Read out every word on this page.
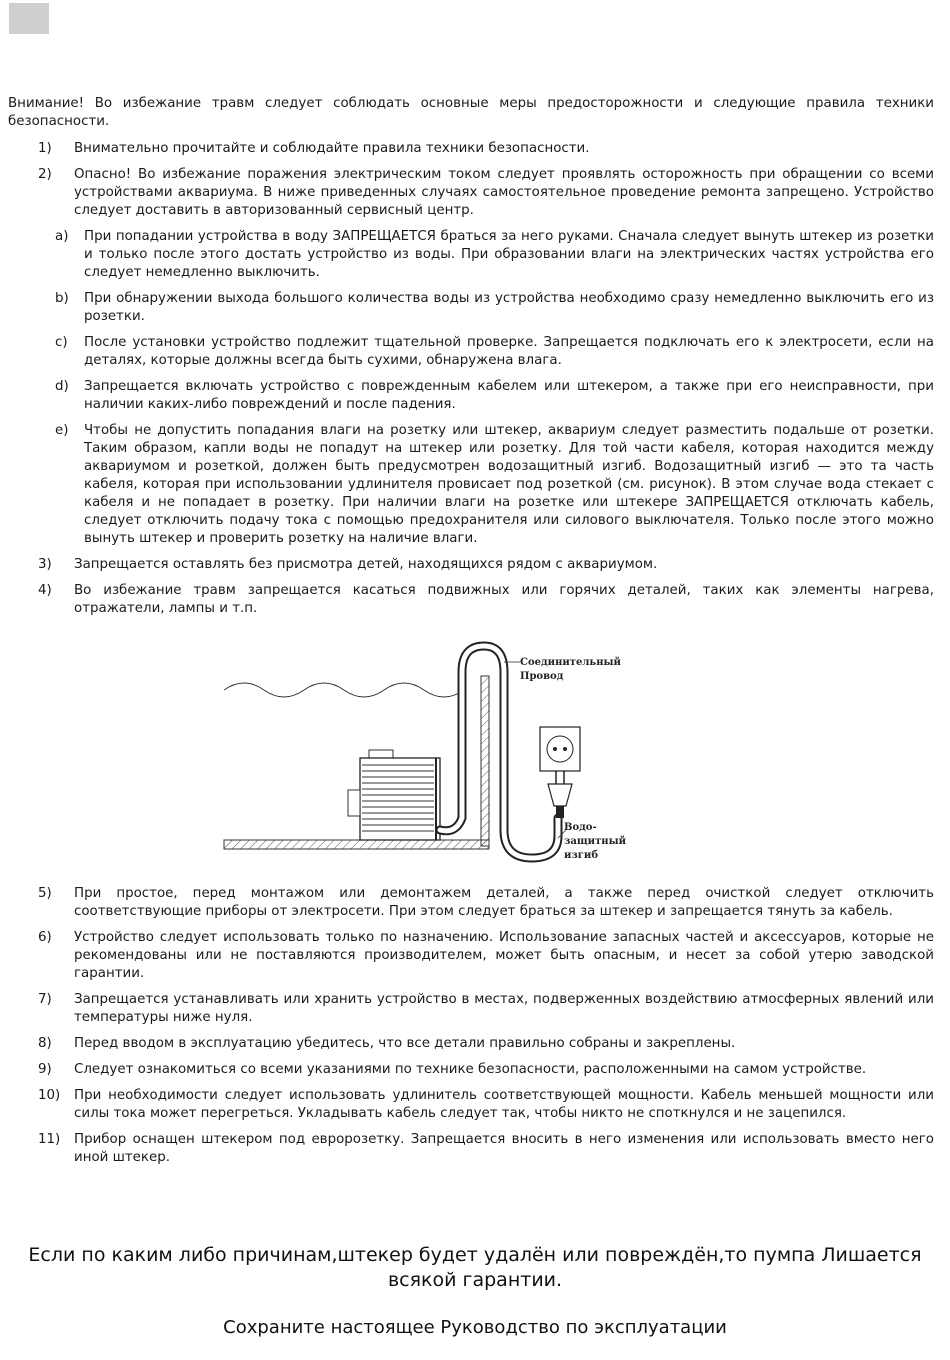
Внимание! Во избежание травм следует соблюдать основные меры предосторожности и следующие правила техники безопасности.

1) Внимательно прочитайте и соблюдайте правила техники безопасности.
2) Опасно! Во избежание поражения электрическим током следует проявлять осторожность при обращении со всеми устройствами аквариума. В ниже приведенных случаях самостоятельное проведение ремонта запрещено. Устройство следует доставить в авторизованный сервисный центр.
a) При попадании устройства в воду ЗАПРЕЩАЕТСЯ браться за него руками. Сначала следует вынуть штекер из розетки и только после этого достать устройство из воды. При образовании влаги на электрических частях устройства его следует немедленно выключить.
b) При обнаружении выхода большого количества воды из устройства необходимо сразу немедленно выключить его из розетки.
c) После установки устройство подлежит тщательной проверке. Запрещается подключать его к электросети, если на деталях, которые должны всегда быть сухими, обнаружена влага.
d) Запрещается включать устройство с поврежденным кабелем или штекером, а также при его неисправности, при наличии каких-либо повреждений и после падения.
e) Чтобы не допустить попадания влаги на розетку или штекер, аквариум следует разместить подальше от розетки. Таким образом, капли воды не попадут на штекер или розетку. Для той части кабеля, которая находится между аквариумом и розеткой, должен быть предусмотрен водозащитный изгиб. Водозащитный изгиб — это та часть кабеля, которая при использовании удлинителя провисает под розеткой (см. рисунок). В этом случае вода стекает с кабеля и не попадает в розетку. При наличии влаги на розетке или штекере ЗАПРЕЩАЕТСЯ отключать кабель, следует отключить подачу тока с помощью предохранителя или силового выключателя. Только после этого можно вынуть штекер и проверить розетку на наличие влаги.
3) Запрещается оставлять без присмотра детей, находящихся рядом с аквариумом.
4) Во избежание травм запрещается касаться подвижных или горячих деталей, таких как элементы нагрева, отражатели, лампы и т.п.
Соединительный
Провод
Водо-
защитный
изгиб
5) При простое, перед монтажом или демонтажем деталей, а также перед очисткой следует отключить соответствующие приборы от электросети. При этом следует браться за штекер и запрещается тянуть за кабель.
6) Устройство следует использовать только по назначению. Использование запасных частей и аксессуаров, которые не рекомендованы или не поставляются производителем, может быть опасным, и несет за собой утерю заводской гарантии.
7) Запрещается устанавливать или хранить устройство в местах, подверженных воздействию атмосферных явлений или температуры ниже нуля.
8) Перед вводом в эксплуатацию убедитесь, что все детали правильно собраны и закреплены.
9) Следует ознакомиться со всеми указаниями по технике безопасности, расположенными на самом устройстве.
10) При необходимости следует использовать удлинитель соответствующей мощности. Кабель меньшей мощности или силы тока может перегреться. Укладывать кабель следует так, чтобы никто не споткнулся и не зацепился.
11) Прибор оснащен штекером под евророзетку. Запрещается вносить в него изменения или использовать вместо него иной штекер.
Если по каким либо причинам,штекер будет удалён или повреждён,то пумпа Лишается
всякой гарантии.
Сохраните настоящее Руководство по эксплуатации
